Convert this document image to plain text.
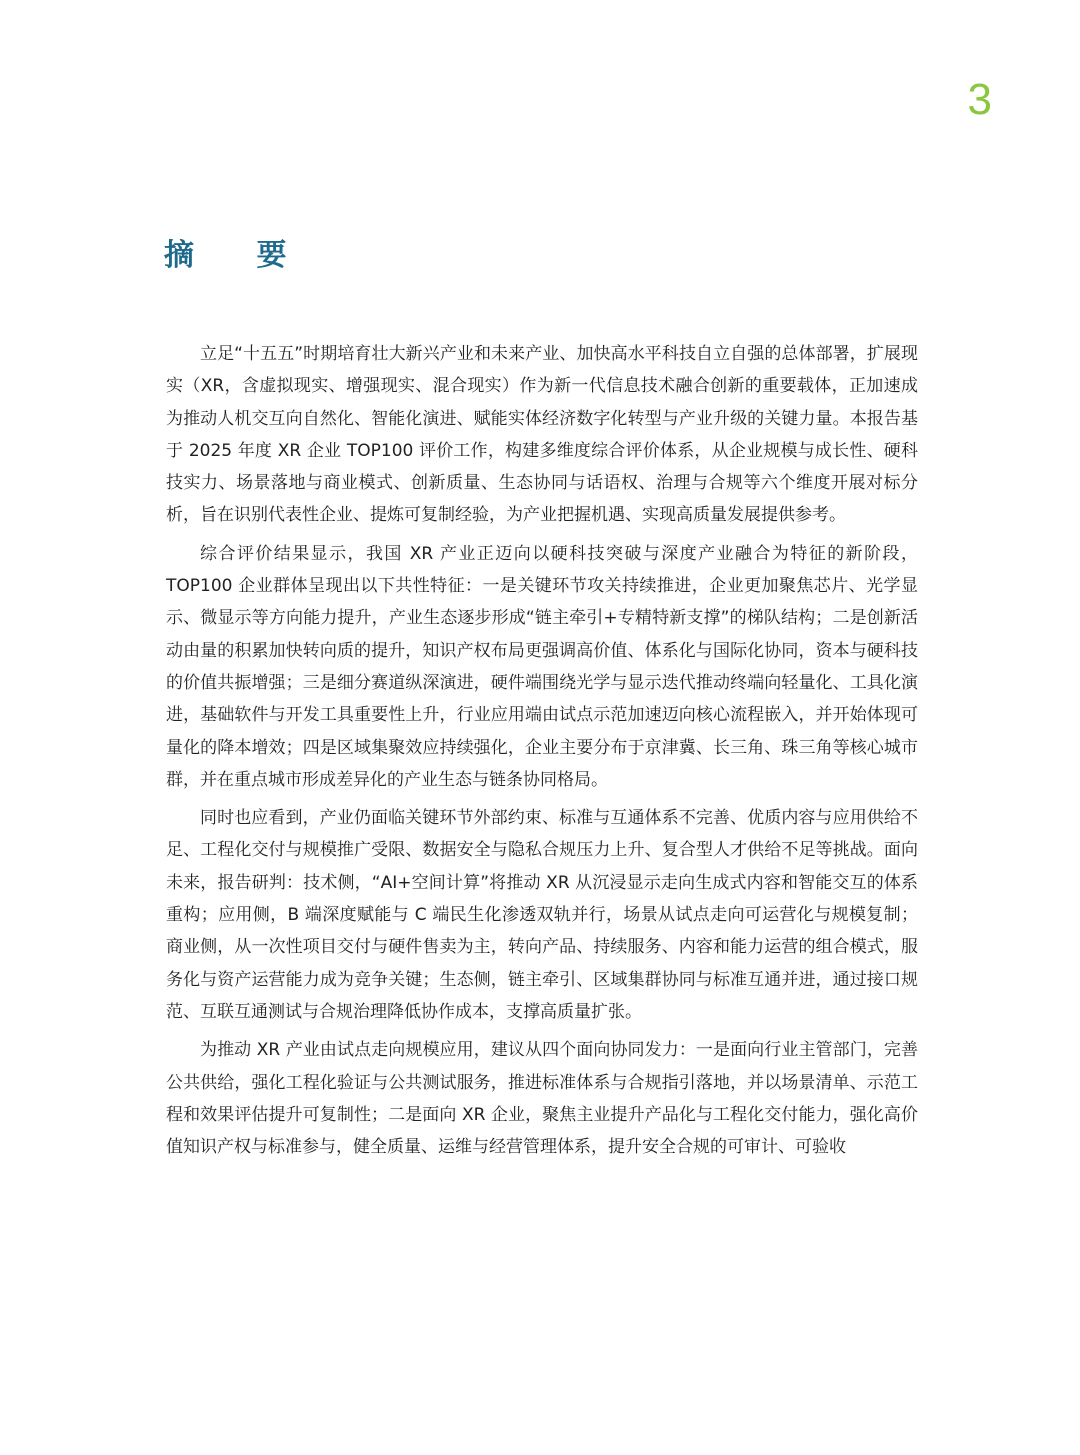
3
摘 要

立足“十五五”时期培育壮大新兴产业和未来产业、加快高水平科技自立自强的总体部署，扩展现实（XR，含虚拟现实、增强现实、混合现实）作为新一代信息技术融合创新的重要载体，正加速成为推动人机交互向自然化、智能化演进、赋能实体经济数字化转型与产业升级的关键力量。本报告基于 2025 年度 XR 企业 TOP100 评价工作，构建多维度综合评价体系，从企业规模与成长性、硬科技实力、场景落地与商业模式、创新质量、生态协同与话语权、治理与合规等六个维度开展对标分析，旨在识别代表性企业、提炼可复制经验，为产业把握机遇、实现高质量发展提供参考。

综合评价结果显示，我国 XR 产业正迈向以硬科技突破与深度产业融合为特征的新阶段，TOP100 企业群体呈现出以下共性特征：一是关键环节攻关持续推进，企业更加聚焦芯片、光学显示、微显示等方向能力提升，产业生态逐步形成“链主牵引+专精特新支撑”的梯队结构；二是创新活动由量的积累加快转向质的提升，知识产权布局更强调高价值、体系化与国际化协同，资本与硬科技的价值共振增强；三是细分赛道纵深演进，硬件端围绕光学与显示迭代推动终端向轻量化、工具化演进，基础软件与开发工具重要性上升，行业应用端由试点示范加速迈向核心流程嵌入，并开始体现可量化的降本增效；四是区域集聚效应持续强化，企业主要分布于京津冀、长三角、珠三角等核心城市群，并在重点城市形成差异化的产业生态与链条协同格局。

同时也应看到，产业仍面临关键环节外部约束、标准与互通体系不完善、优质内容与应用供给不足、工程化交付与规模推广受限、数据安全与隐私合规压力上升、复合型人才供给不足等挑战。面向未来，报告研判：技术侧，“AI+空间计算”将推动 XR 从沉浸显示走向生成式内容和智能交互的体系重构；应用侧，B 端深度赋能与 C 端民生化渗透双轨并行，场景从试点走向可运营化与规模复制；商业侧，从一次性项目交付与硬件售卖为主，转向产品、持续服务、内容和能力运营的组合模式，服务化与资产运营能力成为竞争关键；生态侧，链主牵引、区域集群协同与标准互通并进，通过接口规范、互联互通测试与合规治理降低协作成本，支撑高质量扩张。

为推动 XR 产业由试点走向规模应用，建议从四个面向协同发力：一是面向行业主管部门，完善公共供给，强化工程化验证与公共测试服务，推进标准体系与合规指引落地，并以场景清单、示范工程和效果评估提升可复制性；二是面向 XR 企业，聚焦主业提升产品化与工程化交付能力，强化高价值知识产权与标准参与，健全质量、运维与经营管理体系，提升安全合规的可审计、可验收
